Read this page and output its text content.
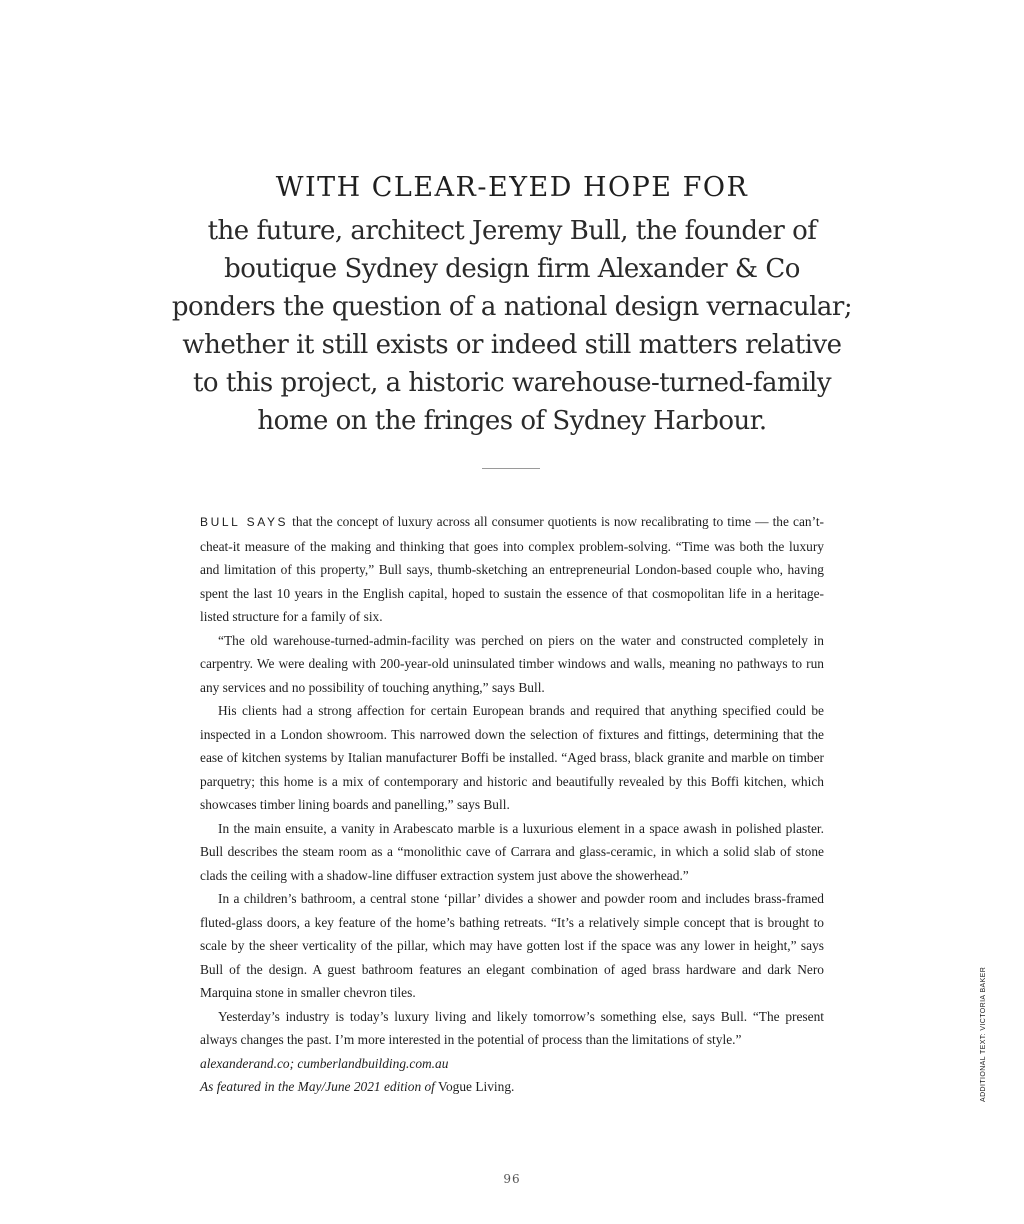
WITH CLEAR-EYED HOPE FOR

the future, architect Jeremy Bull, the founder of boutique Sydney design firm Alexander & Co ponders the question of a national design vernacular; whether it still exists or indeed still matters relative to this project, a historic warehouse-turned-family home on the fringes of Sydney Harbour.

BULL SAYS that the concept of luxury across all consumer quotients is now recalibrating to time — the can’t-cheat-it measure of the making and thinking that goes into complex problem-solving. “Time was both the luxury and limitation of this property,” Bull says, thumb-sketching an entrepreneurial London-based couple who, having spent the last 10 years in the English capital, hoped to sustain the essence of that cosmopolitan life in a heritage-listed structure for a family of six.

“The old warehouse-turned-admin-facility was perched on piers on the water and constructed completely in carpentry. We were dealing with 200-year-old uninsulated timber windows and walls, meaning no pathways to run any services and no possibility of touching anything,” says Bull.

His clients had a strong affection for certain European brands and required that anything specified could be inspected in a London showroom. This narrowed down the selection of fixtures and fittings, determining that the ease of kitchen systems by Italian manufacturer Boffi be installed. “Aged brass, black granite and marble on timber parquetry; this home is a mix of contemporary and historic and beautifully revealed by this Boffi kitchen, which showcases timber lining boards and panelling,” says Bull.

In the main ensuite, a vanity in Arabescato marble is a luxurious element in a space awash in polished plaster. Bull describes the steam room as a “monolithic cave of Carrara and glass-ceramic, in which a solid slab of stone clads the ceiling with a shadow-line diffuser extraction system just above the showerhead.”

In a children’s bathroom, a central stone ‘pillar’ divides a shower and powder room and includes brass-framed fluted-glass doors, a key feature of the home’s bathing retreats. “It’s a relatively simple concept that is brought to scale by the sheer verticality of the pillar, which may have gotten lost if the space was any lower in height,” says Bull of the design. A guest bathroom features an elegant combination of aged brass hardware and dark Nero Marquina stone in smaller chevron tiles.

Yesterday’s industry is today’s luxury living and likely tomorrow’s something else, says Bull. “The present always changes the past. I’m more interested in the potential of process than the limitations of style.”

alexanderand.co; cumberlandbuilding.com.au

As featured in the May/June 2021 edition of Vogue Living.	ADDITIONAL TEXT: VICTORIA BAKER
96
